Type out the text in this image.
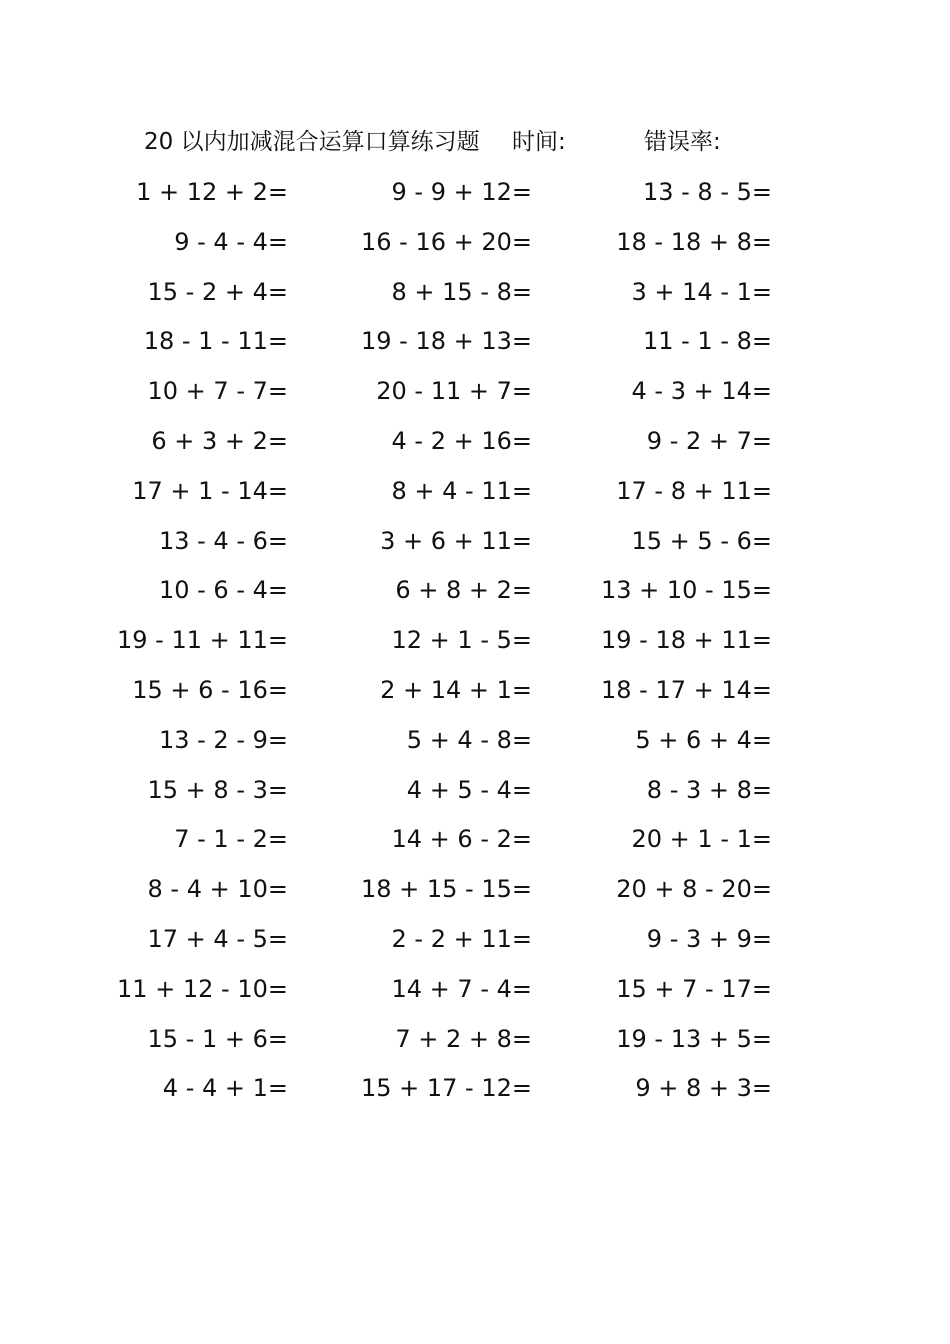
20 以内加减混合运算口算练习题 时间:	错误率:
1 + 12 + 2=	9 - 9 + 12=	13 - 8 - 5=
9 - 4 - 4=	16 - 16 + 20=	18 - 18 + 8=
15 - 2 + 4=	8 + 15 - 8=	3 + 14 - 1=
18 - 1 - 11=	19 - 18 + 13=	11 - 1 - 8=
10 + 7 - 7=	20 - 11 + 7=	4 - 3 + 14=
6 + 3 + 2=	4 - 2 + 16=	9 - 2 + 7=
17 + 1 - 14=	8 + 4 - 11=	17 - 8 + 11=
13 - 4 - 6=	3 + 6 + 11=	15 + 5 - 6=
10 - 6 - 4=	6 + 8 + 2=	13 + 10 - 15=
19 - 11 + 11=	12 + 1 - 5=	19 - 18 + 11=
15 + 6 - 16=	2 + 14 + 1=	18 - 17 + 14=
13 - 2 - 9=	5 + 4 - 8=	5 + 6 + 4=
15 + 8 - 3=	4 + 5 - 4=	8 - 3 + 8=
7 - 1 - 2=	14 + 6 - 2=	20 + 1 - 1=
8 - 4 + 10=	18 + 15 - 15=	20 + 8 - 20=
17 + 4 - 5=	2 - 2 + 11=	9 - 3 + 9=
11 + 12 - 10=	14 + 7 - 4=	15 + 7 - 17=
15 - 1 + 6=	7 + 2 + 8=	19 - 13 + 5=
4 - 4 + 1=	15 + 17 - 12=	9 + 8 + 3=
